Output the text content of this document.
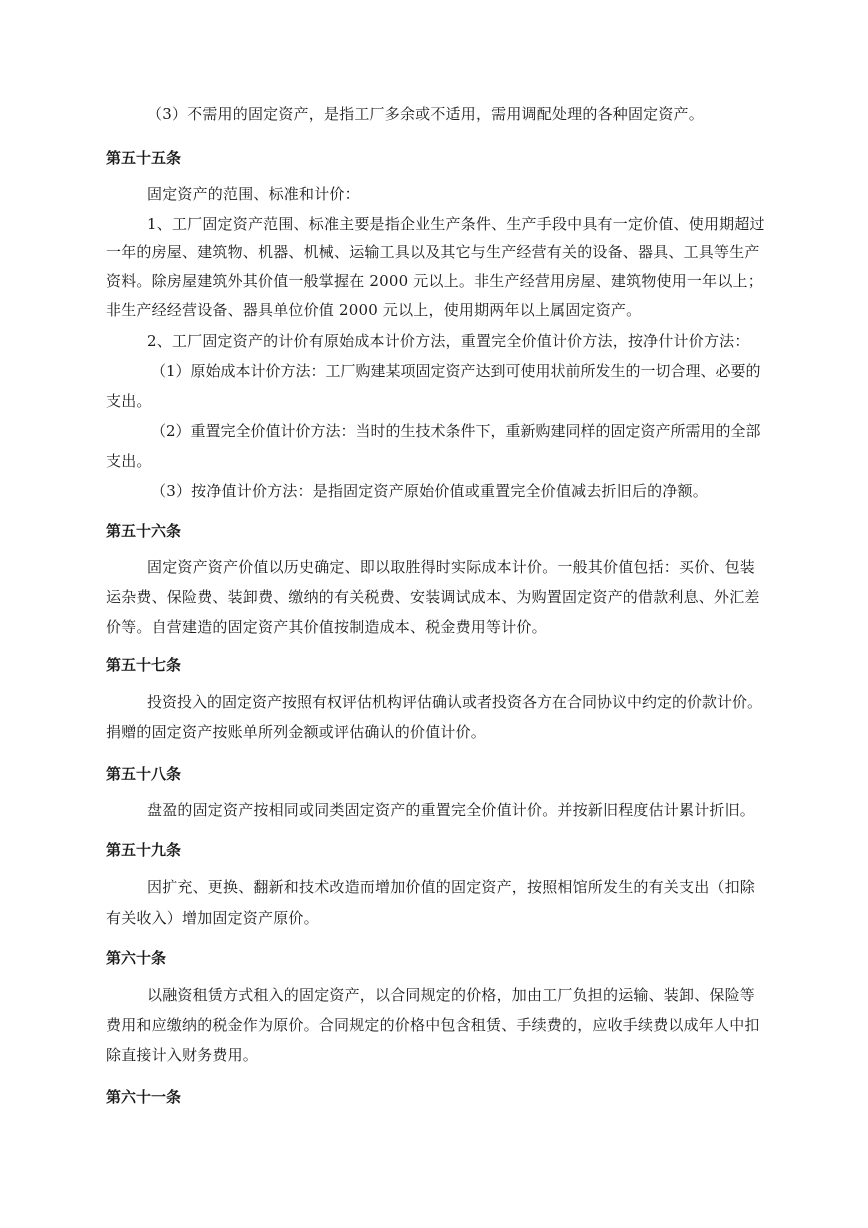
（3）不需用的固定资产，是指工厂多余或不适用，需用调配处理的各种固定资产。
第五十五条
固定资产的范围、标准和计价：
1、工厂固定资产范围、标准主要是指企业生产条件、生产手段中具有一定价值、使用期超过
一年的房屋、建筑物、机器、机械、运输工具以及其它与生产经营有关的设备、器具、工具等生产
资料。除房屋建筑外其价值一般掌握在 2000 元以上。非生产经营用房屋、建筑物使用一年以上；
非生产经经营设备、器具单位价值 2000 元以上，使用期两年以上属固定资产。
2、工厂固定资产的计价有原始成本计价方法，重置完全价值计价方法，按净什计价方法：
（1）原始成本计价方法：工厂购建某项固定资产达到可使用状前所发生的一切合理、必要的
支出。
（2）重置完全价值计价方法：当时的生技术条件下，重新购建同样的固定资产所需用的全部
支出。
（3）按净值计价方法：是指固定资产原始价值或重置完全价值减去折旧后的净额。
第五十六条
固定资产资产价值以历史确定、即以取胜得时实际成本计价。一般其价值包括：买价、包装
运杂费、保险费、装卸费、缴纳的有关税费、安装调试成本、为购置固定资产的借款利息、外汇差
价等。自营建造的固定资产其价值按制造成本、税金费用等计价。
第五十七条
投资投入的固定资产按照有权评估机构评估确认或者投资各方在合同协议中约定的价款计价。
捐赠的固定资产按账单所列金额或评估确认的价值计价。
第五十八条
盘盈的固定资产按相同或同类固定资产的重置完全价值计价。并按新旧程度估计累计折旧。
第五十九条
因扩充、更换、翻新和技术改造而增加价值的固定资产，按照相馆所发生的有关支出（扣除
有关收入）增加固定资产原价。
第六十条
以融资租赁方式租入的固定资产，以合同规定的价格，加由工厂负担的运输、装卸、保险等
费用和应缴纳的税金作为原价。合同规定的价格中包含租赁、手续费的，应收手续费以成年人中扣
除直接计入财务费用。
第六十一条
